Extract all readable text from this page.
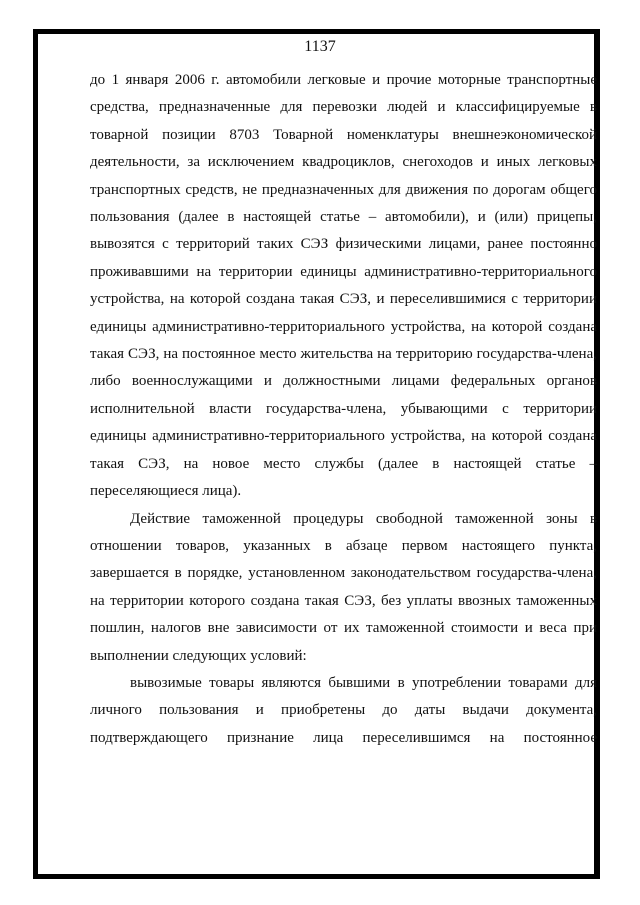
1137

до 1 января 2006 г. автомобили легковые и прочие моторные транспортные средства, предназначенные для перевозки людей и классифицируемые в товарной позиции 8703 Товарной номенклатуры внешнеэкономической деятельности, за исключением квадроциклов, снегоходов и иных легковых транспортных средств, не предназначенных для движения по дорогам общего пользования (далее в настоящей статье – автомобили), и (или) прицепы, вывозятся с территорий таких СЭЗ физическими лицами, ранее постоянно проживавшими на территории единицы административно-территориального устройства, на которой создана такая СЭЗ, и переселившимися с территории единицы административно-территориального устройства, на которой создана такая СЭЗ, на постоянное место жительства на территорию государства-члена, либо военнослужащими и должностными лицами федеральных органов исполнительной власти государства-члена, убывающими с территории единицы административно-территориального устройства, на которой создана такая СЭЗ, на новое место службы (далее в настоящей статье – переселяющиеся лица).

Действие таможенной процедуры свободной таможенной зоны в отношении товаров, указанных в абзаце первом настоящего пункта, завершается в порядке, установленном законодательством государства-члена, на территории которого создана такая СЭЗ, без уплаты ввозных таможенных пошлин, налогов вне зависимости от их таможенной стоимости и веса при выполнении следующих условий:

вывозимые товары являются бывшими в употреблении товарами для личного пользования и приобретены до даты выдачи документа, подтверждающего признание лица переселившимся на постоянное
